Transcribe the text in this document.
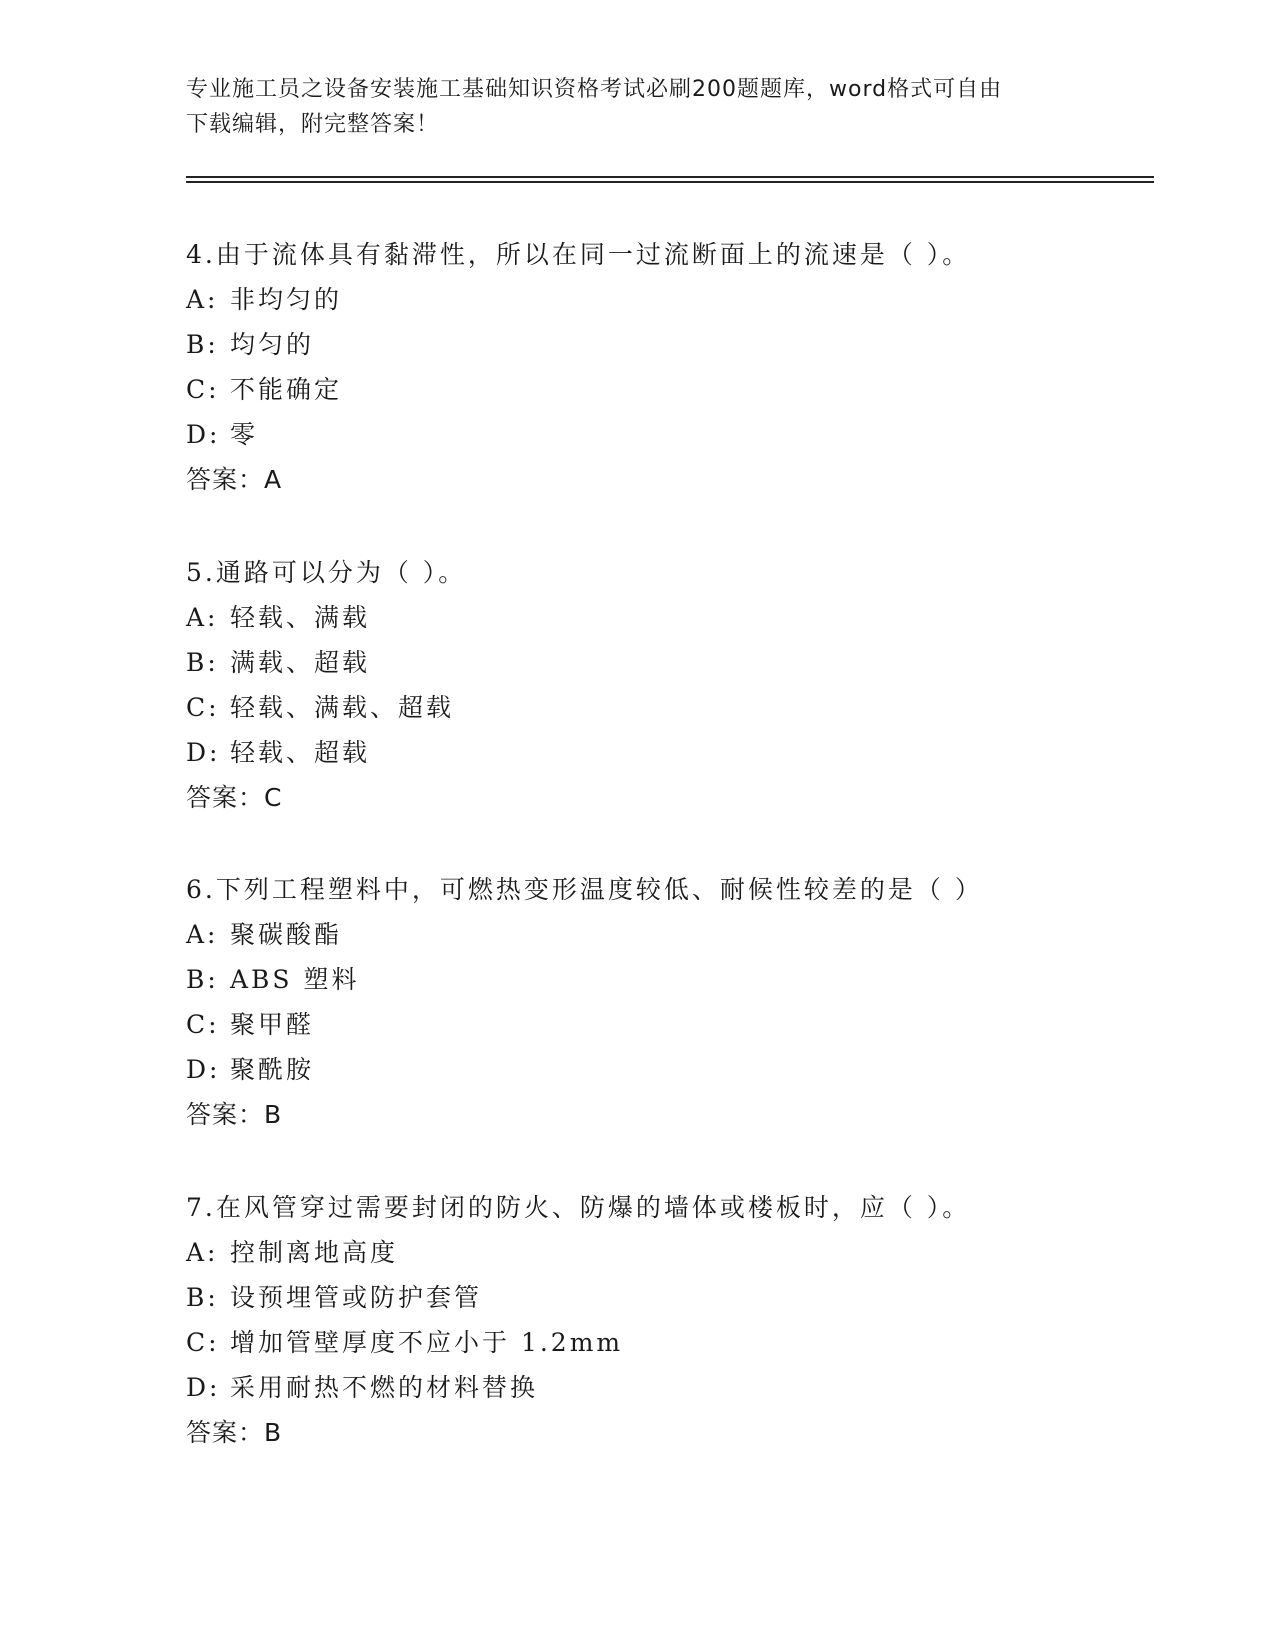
专业施工员之设备安装施工基础知识资格考试必刷200题题库，word格式可自由
下载编辑，附完整答案！
4.由于流体具有黏滞性，所以在同一过流断面上的流速是（ ）。
A: 非均匀的
B: 均匀的
C: 不能确定
D: 零
答案：A
5.通路可以分为（ ）。
A: 轻载、满载
B: 满载、超载
C: 轻载、满载、超载
D: 轻载、超载
答案：C
6.下列工程塑料中，可燃热变形温度较低、耐候性较差的是（ ）
A: 聚碳酸酯
B: ABS 塑料
C: 聚甲醛
D: 聚酰胺
答案：B
7.在风管穿过需要封闭的防火、防爆的墙体或楼板时，应（ ）。
A: 控制离地高度
B: 设预埋管或防护套管
C: 增加管壁厚度不应小于 1.2mm
D: 采用耐热不燃的材料替换
答案：B
